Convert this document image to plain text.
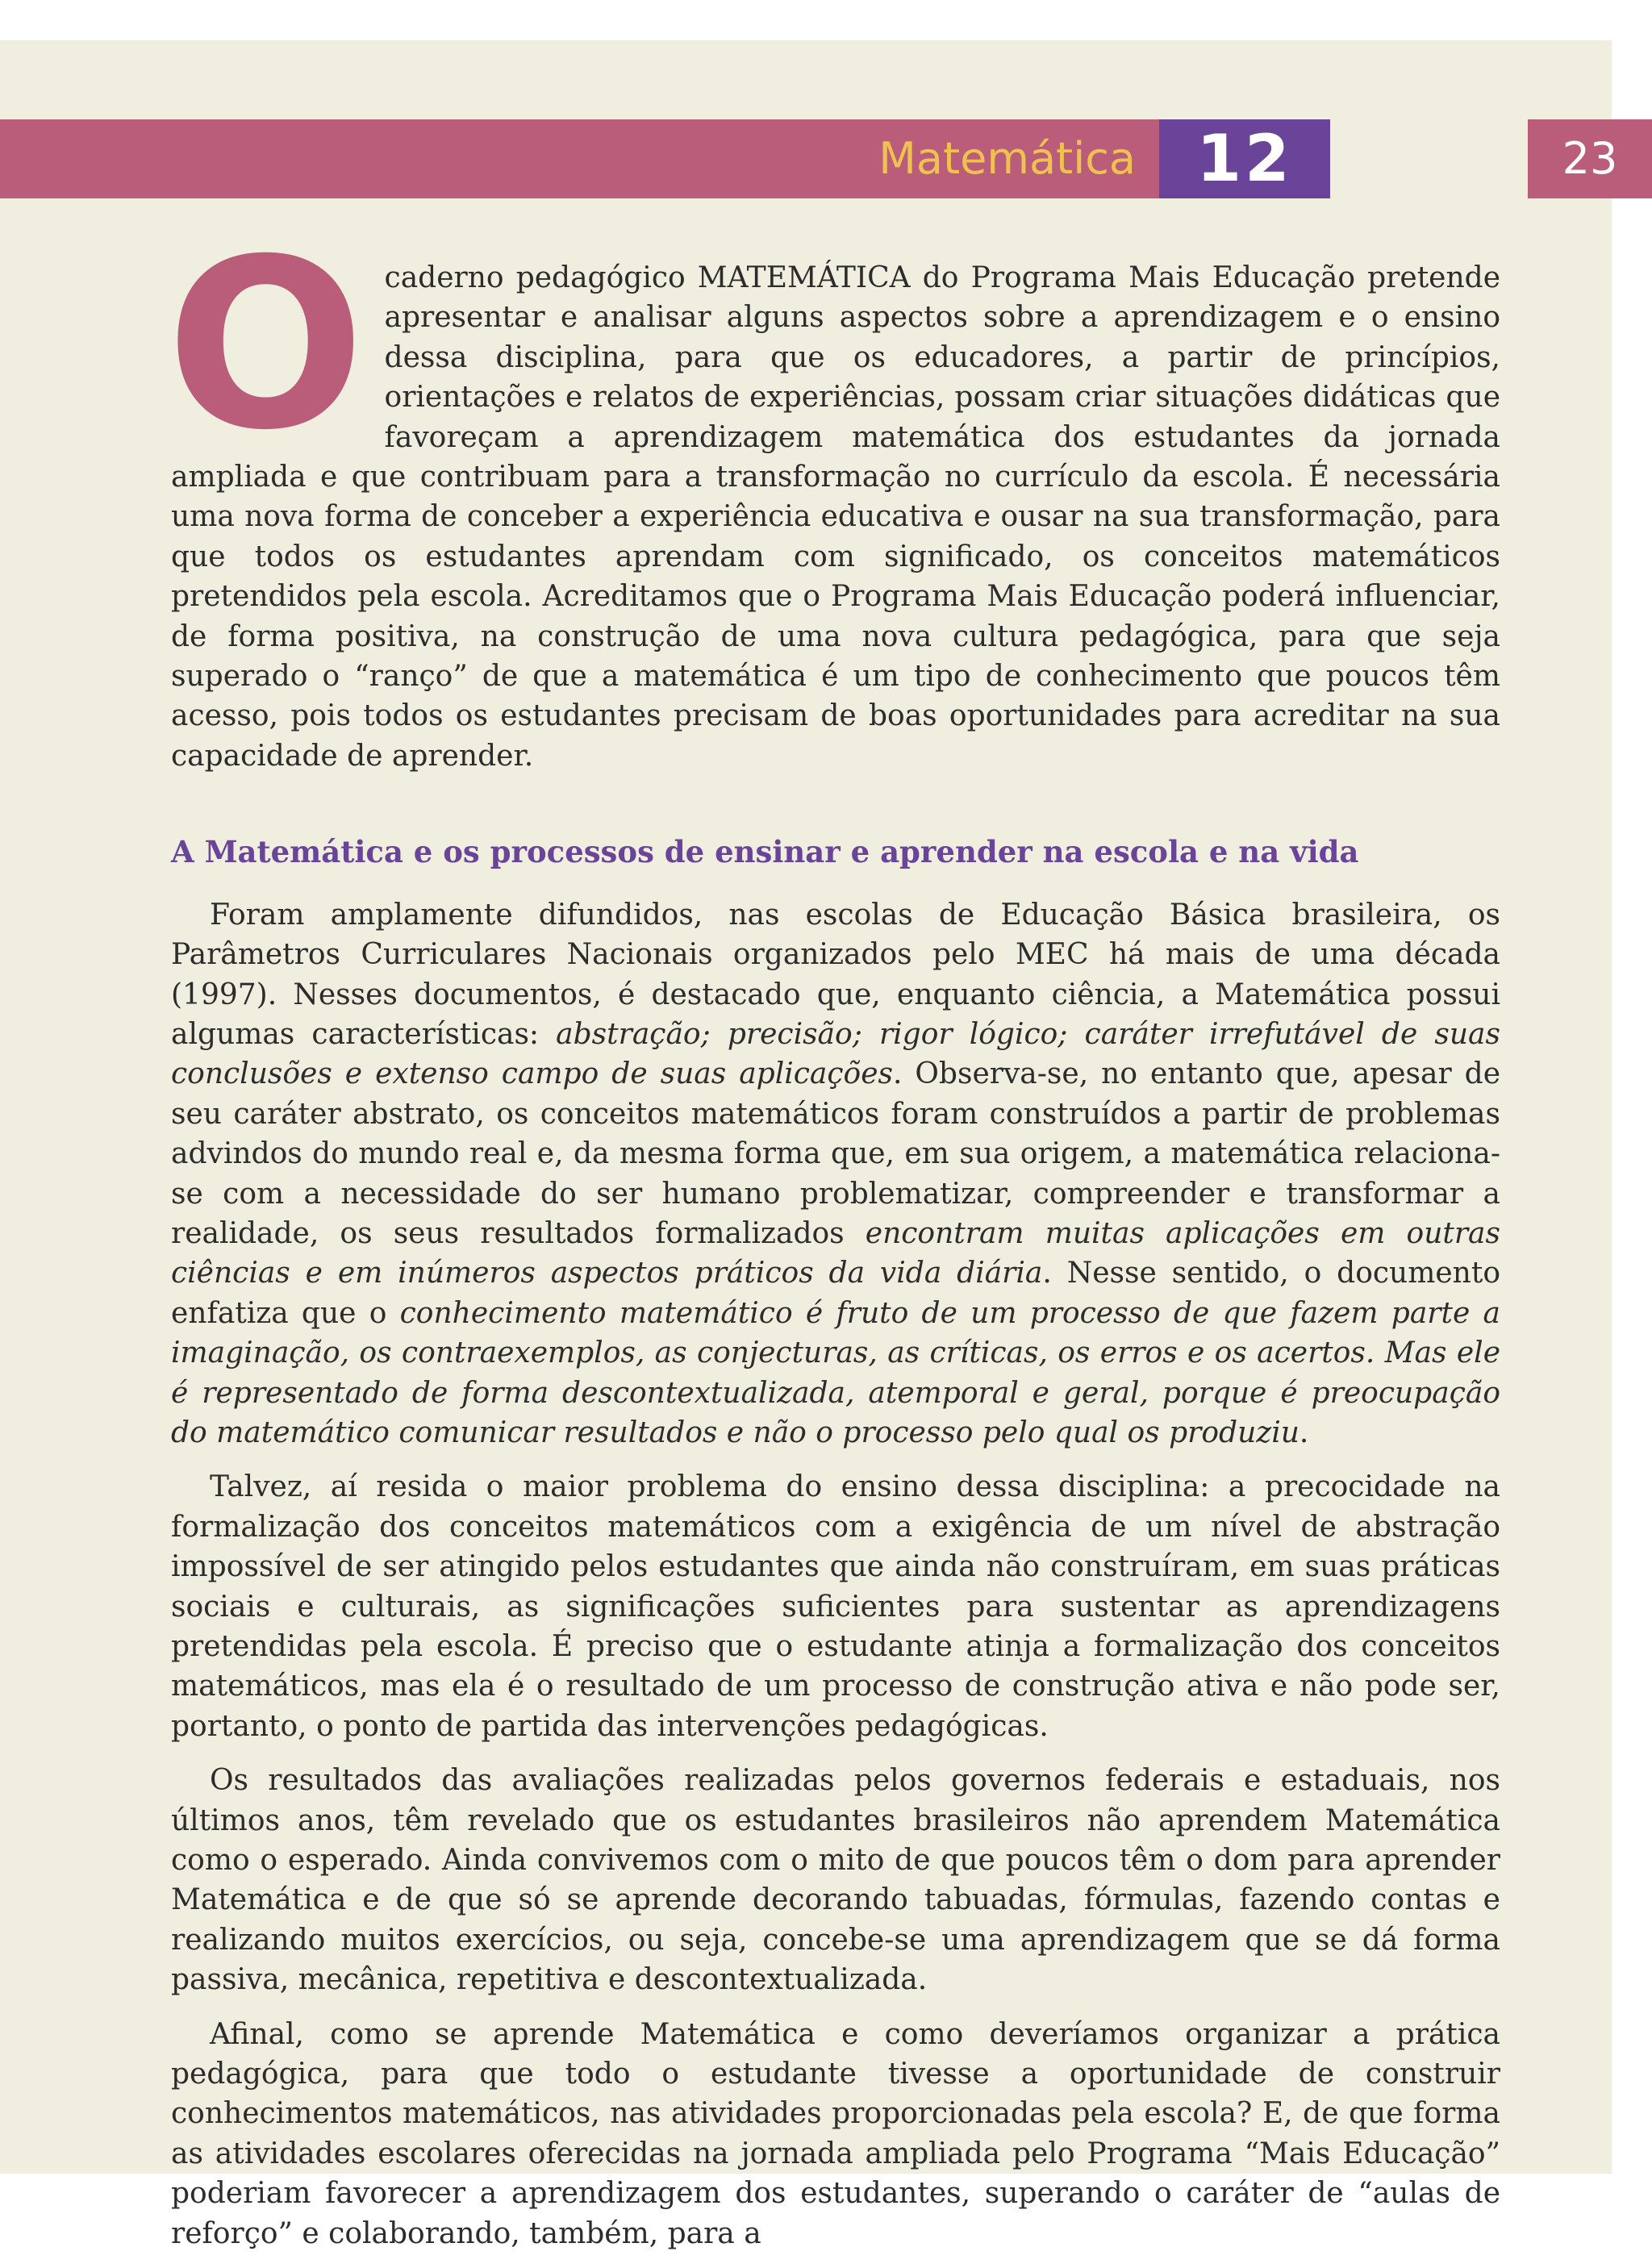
Matemática 12	23

Ocaderno pedagógico MATEMÁTICA do Programa Mais Educação pretende apresentar e analisar alguns aspectos sobre a aprendizagem e o ensino dessa disciplina, para que os educadores, a partir de princípios, orientações e relatos de experiências, possam criar situações didáticas que favoreçam a aprendizagem matemática dos estudantes da jornada ampliada e que contribuam para a transformação no currículo da escola. É necessária uma nova forma de conceber a experiência educativa e ousar na sua transformação, para que todos os estudantes aprendam com significado, os conceitos matemáticos pretendidos pela escola. Acreditamos que o Programa Mais Educação poderá influenciar, de forma positiva, na construção de uma nova cultura pedagógica, para que seja superado o “ranço” de que a matemática é um tipo de conhecimento que poucos têm acesso, pois todos os estudantes precisam de boas oportunidades para acreditar na sua capacidade de aprender.

A Matemática e os processos de ensinar e aprender na escola e na vida

Foram amplamente difundidos, nas escolas de Educação Básica brasileira, os Parâmetros Curriculares Nacionais organizados pelo MEC há mais de uma década (1997). Nesses documentos, é destacado que, enquanto ciência, a Matemática possui algumas características: abstração; precisão; rigor lógico; caráter irrefutável de suas conclusões e extenso campo de suas aplicações. Observa-se, no entanto que, apesar de seu caráter abstrato, os conceitos matemáticos foram construídos a partir de problemas advindos do mundo real e, da mesma forma que, em sua origem, a matemática relaciona-se com a necessidade do ser humano problematizar, compreender e transformar a realidade, os seus resultados formalizados encontram muitas aplicações em outras ciências e em inúmeros aspectos práticos da vida diária. Nesse sentido, o documento enfatiza que o conhecimento matemático é fruto de um processo de que fazem parte a imaginação, os contraexemplos, as conjecturas, as críticas, os erros e os acertos. Mas ele é representado de forma descontextualizada, atemporal e geral, porque é preocupação do matemático comunicar resultados e não o processo pelo qual os produziu.

Talvez, aí resida o maior problema do ensino dessa disciplina: a precocidade na formalização dos conceitos matemáticos com a exigência de um nível de abstração impossível de ser atingido pelos estudantes que ainda não construíram, em suas práticas sociais e culturais, as significações suficientes para sustentar as aprendizagens pretendidas pela escola. É preciso que o estudante atinja a formalização dos conceitos matemáticos, mas ela é o resultado de um processo de construção ativa e não pode ser, portanto, o ponto de partida das intervenções pedagógicas.

Os resultados das avaliações realizadas pelos governos federais e estaduais, nos últimos anos, têm revelado que os estudantes brasileiros não aprendem Matemática como o esperado. Ainda convivemos com o mito de que poucos têm o dom para aprender Matemática e de que só se aprende decorando tabuadas, fórmulas, fazendo contas e realizando muitos exercícios, ou seja, concebe-se uma aprendizagem que se dá forma passiva, mecânica, repetitiva e descontextualizada.

Afinal, como se aprende Matemática e como deveríamos organizar a prática pedagógica, para que todo o estudante tivesse a oportunidade de construir conhecimentos matemáticos, nas atividades proporcionadas pela escola? E, de que forma as atividades escolares oferecidas na jornada ampliada pelo Programa “Mais Educação” poderiam favorecer a aprendizagem dos estudantes, superando o caráter de “aulas de reforço” e colaborando, também, para a
